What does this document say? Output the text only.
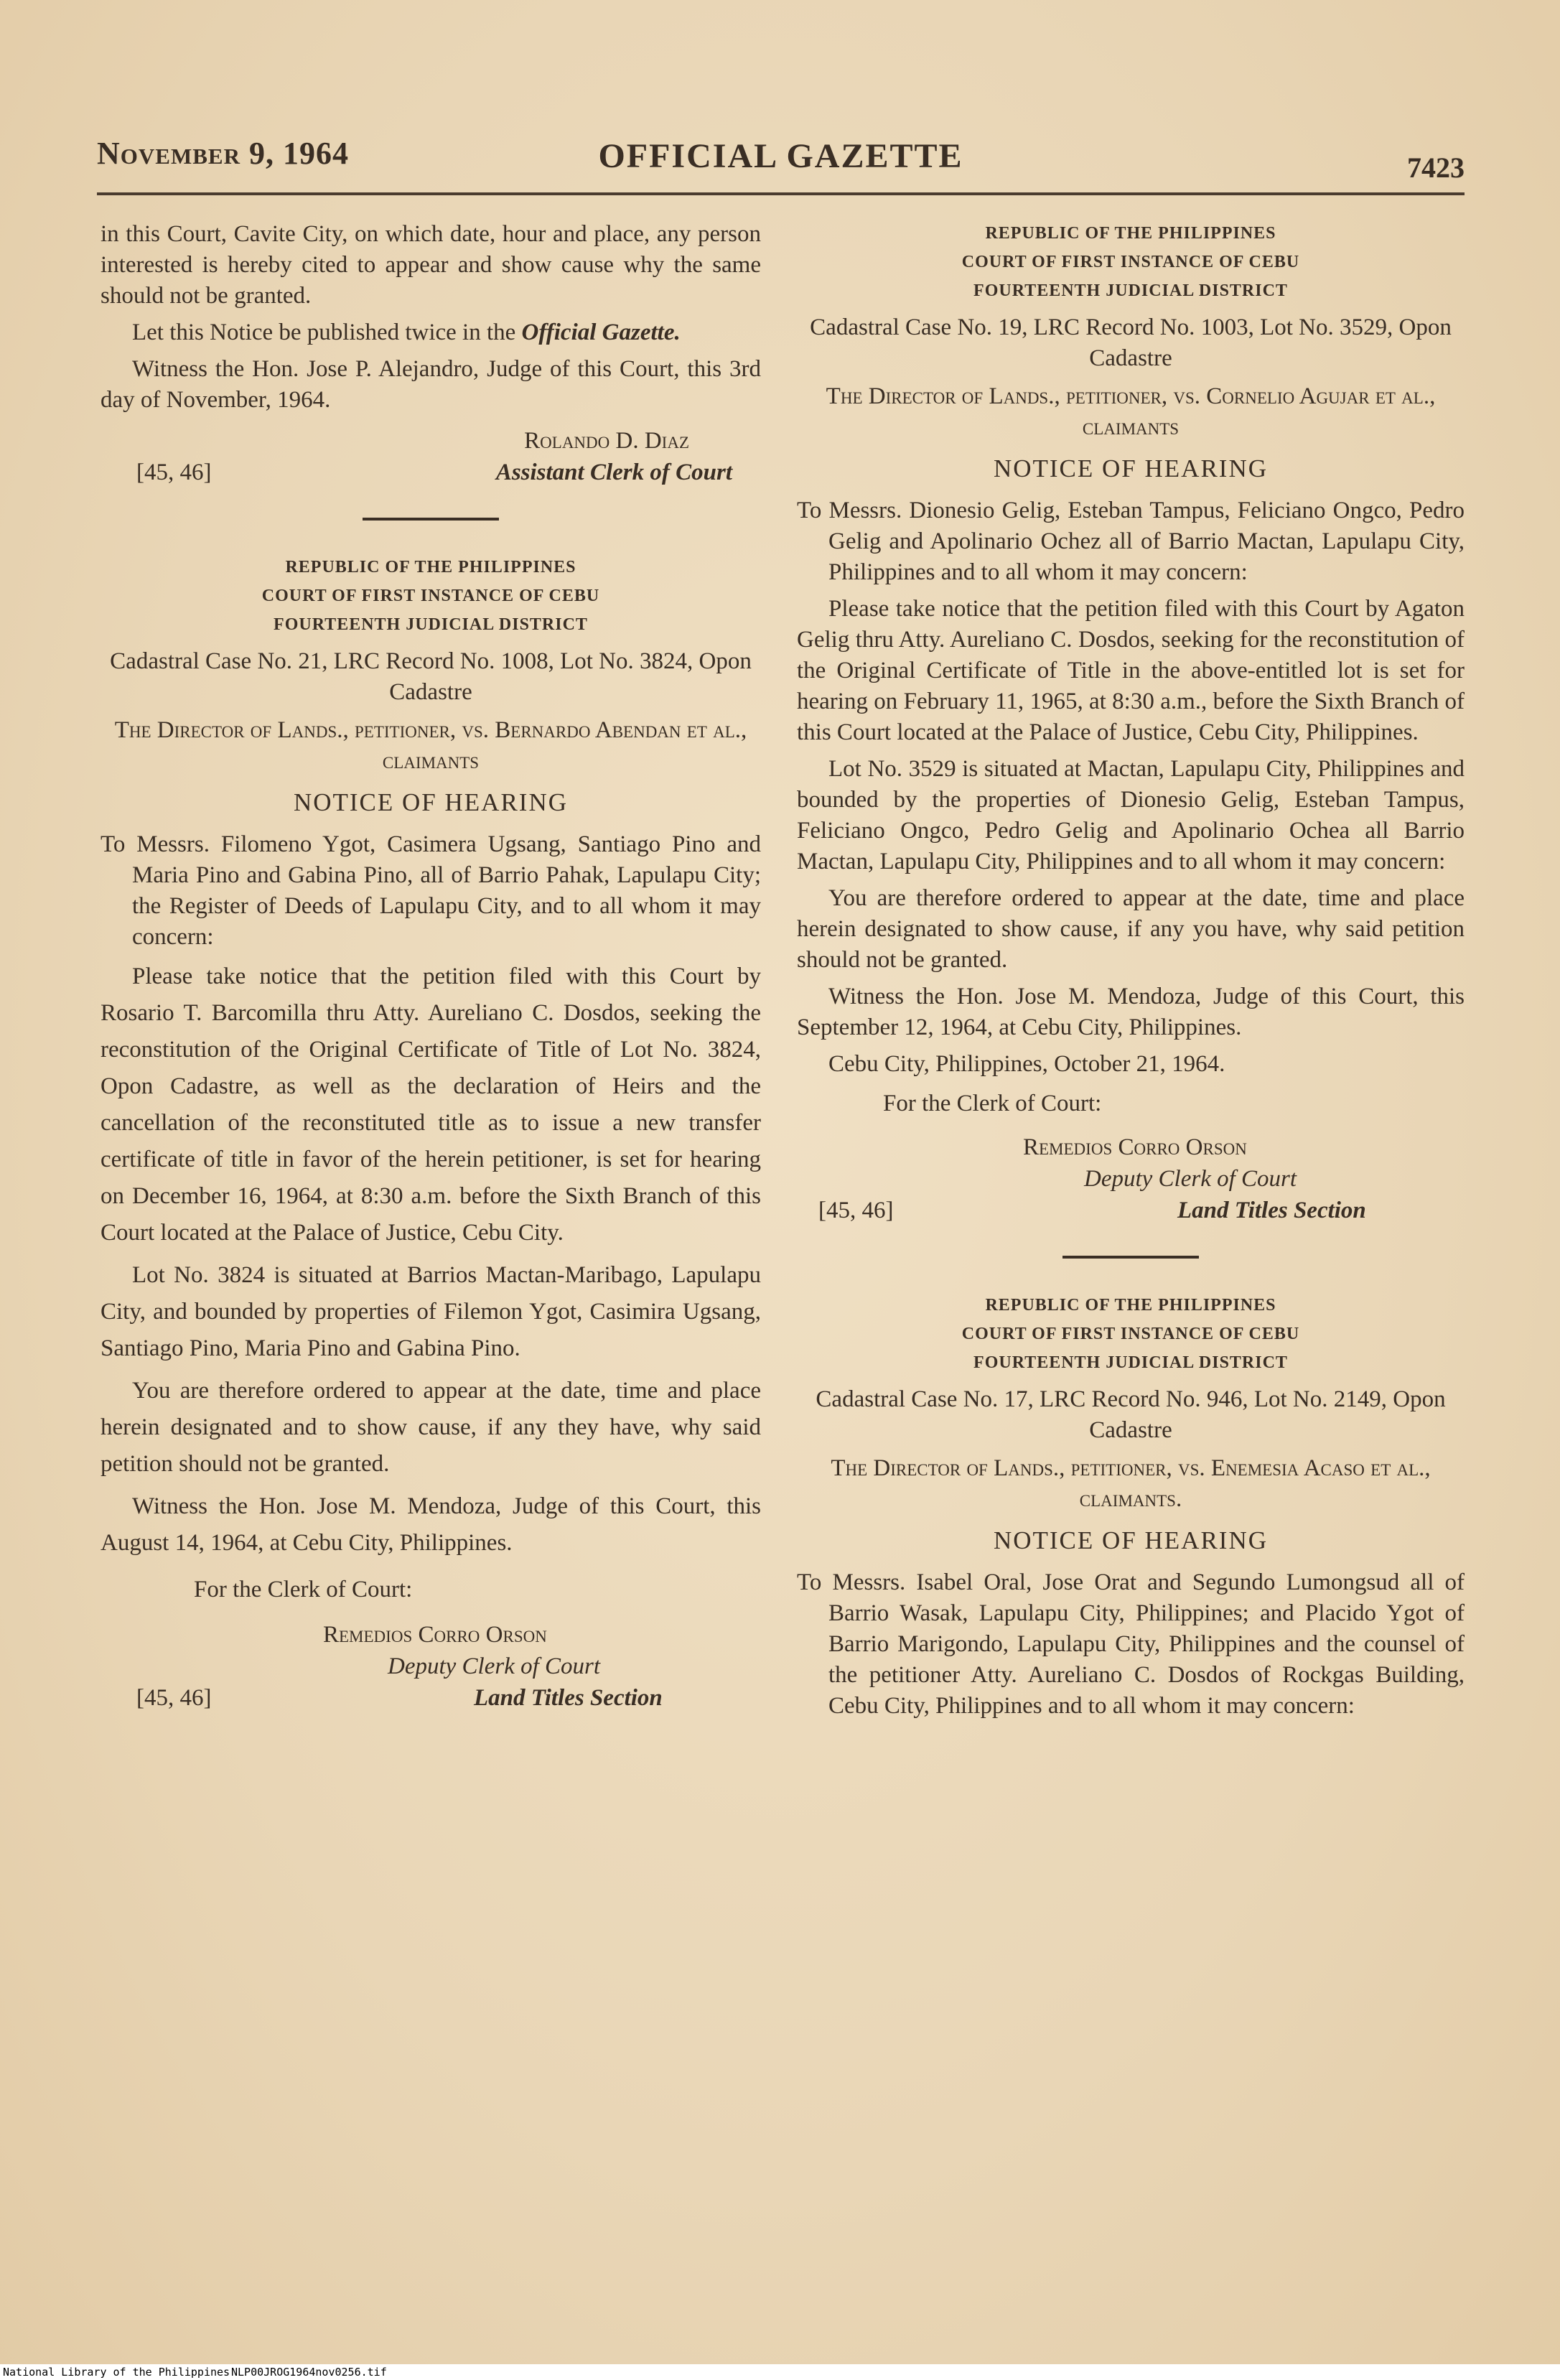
November 9, 1964	OFFICIAL GAZETTE	7423

in this Court, Cavite City, on which date, hour and place, any person interested is hereby cited to appear and show cause why the same should not be granted.

Let this Notice be published twice in the Official Gazette.

Witness the Hon. Jose P. Alejandro, Judge of this Court, this 3rd day of November, 1964.

Rolando D. Diaz
[45, 46]	Assistant Clerk of Court
REPUBLIC OF THE PHILIPPINES
COURT OF FIRST INSTANCE OF CEBU
FOURTEENTH JUDICIAL DISTRICT

Cadastral Case No. 21, LRC Record No. 1008, Lot No. 3824, Opon Cadastre

The Director of Lands., petitioner, vs. Bernardo Abendan et al., claimants

NOTICE OF HEARING

To Messrs. Filomeno Ygot, Casimera Ugsang, Santiago Pino and Maria Pino and Gabina Pino, all of Barrio Pahak, Lapulapu City; the Register of Deeds of Lapulapu City, and to all whom it may concern:

Please take notice that the petition filed with this Court by Rosario T. Barcomilla thru Atty. Aureliano C. Dosdos, seeking the reconstitution of the Original Certificate of Title of Lot No. 3824, Opon Cadastre, as well as the declaration of Heirs and the cancellation of the reconstituted title as to issue a new transfer certificate of title in favor of the herein petitioner, is set for hearing on December 16, 1964, at 8:30 a.m. before the Sixth Branch of this Court located at the Palace of Justice, Cebu City.

Lot No. 3824 is situated at Barrios Mactan-Maribago, Lapulapu City, and bounded by properties of Filemon Ygot, Casimira Ugsang, Santiago Pino, Maria Pino and Gabina Pino.

You are therefore ordered to appear at the date, time and place herein designated and to show cause, if any they have, why said petition should not be granted.

Witness the Hon. Jose M. Mendoza, Judge of this Court, this August 14, 1964, at Cebu City, Philippines.

For the Clerk of Court:

Remedios Corro Orson
Deputy Clerk of Court
[45, 46]	Land Titles Section
REPUBLIC OF THE PHILIPPINES
COURT OF FIRST INSTANCE OF CEBU
FOURTEENTH JUDICIAL DISTRICT

Cadastral Case No. 19, LRC Record No. 1003, Lot No. 3529, Opon Cadastre

The Director of Lands., petitioner, vs. Cornelio Agujar et al., claimants

NOTICE OF HEARING

To Messrs. Dionesio Gelig, Esteban Tampus, Feliciano Ongco, Pedro Gelig and Apolinario Ochez all of Barrio Mactan, Lapulapu City, Philippines and to all whom it may concern:

Please take notice that the petition filed with this Court by Agaton Gelig thru Atty. Aureliano C. Dosdos, seeking for the reconstitution of the Original Certificate of Title in the above-entitled lot is set for hearing on February 11, 1965, at 8:30 a.m., before the Sixth Branch of this Court located at the Palace of Justice, Cebu City, Philippines.

Lot No. 3529 is situated at Mactan, Lapulapu City, Philippines and bounded by the properties of Dionesio Gelig, Esteban Tampus, Feliciano Ongco, Pedro Gelig and Apolinario Ochea all Barrio Mactan, Lapulapu City, Philippines and to all whom it may concern:

You are therefore ordered to appear at the date, time and place herein designated to show cause, if any you have, why said petition should not be granted.

Witness the Hon. Jose M. Mendoza, Judge of this Court, this September 12, 1964, at Cebu City, Philippines.

Cebu City, Philippines, October 21, 1964.

For the Clerk of Court:

Remedios Corro Orson
Deputy Clerk of Court
[45, 46]	Land Titles Section
REPUBLIC OF THE PHILIPPINES
COURT OF FIRST INSTANCE OF CEBU
FOURTEENTH JUDICIAL DISTRICT

Cadastral Case No. 17, LRC Record No. 946, Lot No. 2149, Opon Cadastre

The Director of Lands., petitioner, vs. Enemesia Acaso et al., claimants.

NOTICE OF HEARING

To Messrs. Isabel Oral, Jose Orat and Segundo Lumongsud all of Barrio Wasak, Lapulapu City, Philippines; and Placido Ygot of Barrio Marigondo, Lapulapu City, Philippines and the counsel of the petitioner Atty. Aureliano C. Dosdos of Rockgas Building, Cebu City, Philippines and to all whom it may concern:

National Library of the Philippines NLP00JROG1964nov0256.tif
